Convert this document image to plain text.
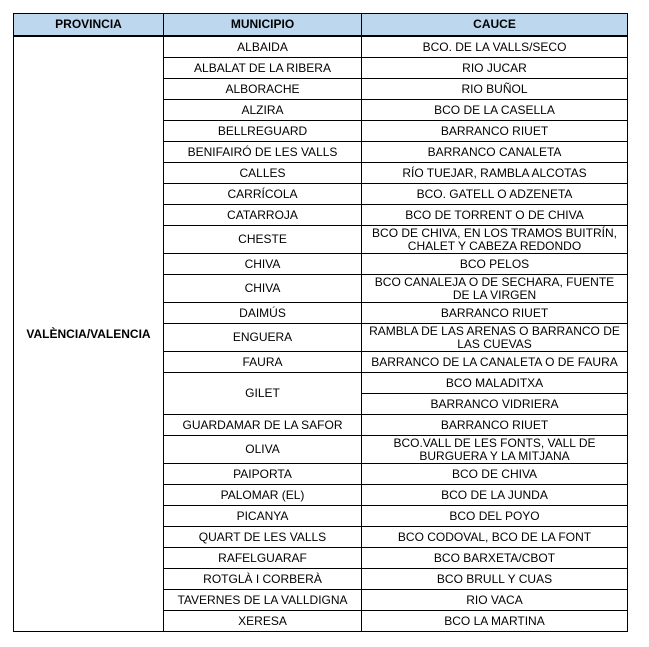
PROVINCIA	MUNICIPIO	CAUCE
VALÈNCIA/VALENCIA	ALBAIDA	BCO. DE LA VALLS/SECO
	ALBALAT DE LA RIBERA	RIO JUCAR
	ALBORACHE	RIO BUÑOL
	ALZIRA	BCO DE LA CASELLA
	BELLREGUARD	BARRANCO RIUET
	BENIFAIRÓ DE LES VALLS	BARRANCO CANALETA
	CALLES	RÍO TUEJAR, RAMBLA ALCOTAS
	CARRÍCOLA	BCO. GATELL O ADZENETA
	CATARROJA	BCO DE TORRENT O DE CHIVA
	CHESTE	BCO DE CHIVA, EN LOS TRAMOS BUITRÍN, CHALET Y CABEZA REDONDO
	CHIVA	BCO PELOS
	CHIVA	BCO CANALEJA O DE SECHARA, FUENTE DE LA VIRGEN
	DAIMÚS	BARRANCO RIUET
	ENGUERA	RAMBLA DE LAS ARENAS O BARRANCO DE LAS CUEVAS
	FAURA	BARRANCO DE LA CANALETA O DE FAURA
	GILET	BCO MALADITXA
		BARRANCO VIDRIERA
	GUARDAMAR DE LA SAFOR	BARRANCO RIUET
	OLIVA	BCO.VALL DE LES FONTS, VALL DE BURGUERA Y LA MITJANA
	PAIPORTA	BCO DE CHIVA
	PALOMAR (EL)	BCO DE LA JUNDA
	PICANYA	BCO DEL POYO
	QUART DE LES VALLS	BCO CODOVAL, BCO DE LA FONT
	RAFELGUARAF	BCO BARXETA/CBOT
	ROTGLÀ I CORBERÀ	BCO BRULL Y CUAS
	TAVERNES DE LA VALLDIGNA	RIO VACA
	XERESA	BCO LA MARTINA
